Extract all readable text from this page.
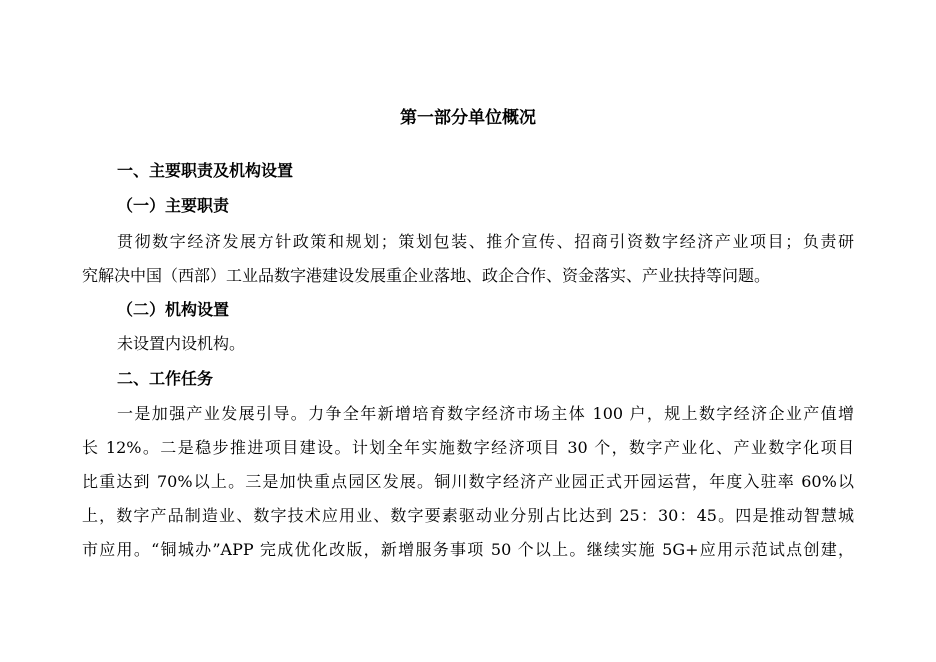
第一部分单位概况
一、主要职责及机构设置
（一）主要职责
贯彻数字经济发展方针政策和规划；策划包装、推介宣传、招商引资数字经济产业项目；负责研
究解决中国（西部）工业品数字港建设发展重企业落地、政企合作、资金落实、产业扶持等问题。
（二）机构设置
未设置内设机构。
二、工作任务
一是加强产业发展引导。力争全年新增培育数字经济市场主体 100 户，规上数字经济企业产值增
长 12%。二是稳步推进项目建设。计划全年实施数字经济项目 30 个，数字产业化、产业数字化项目
比重达到 70%以上。三是加快重点园区发展。铜川数字经济产业园正式开园运营，年度入驻率 60%以
上，数字产品制造业、数字技术应用业、数字要素驱动业分别占比达到 25：30：45。四是推动智慧城
市应用。“铜城办”APP 完成优化改版，新增服务事项 50 个以上。继续实施 5G+应用示范试点创建，
